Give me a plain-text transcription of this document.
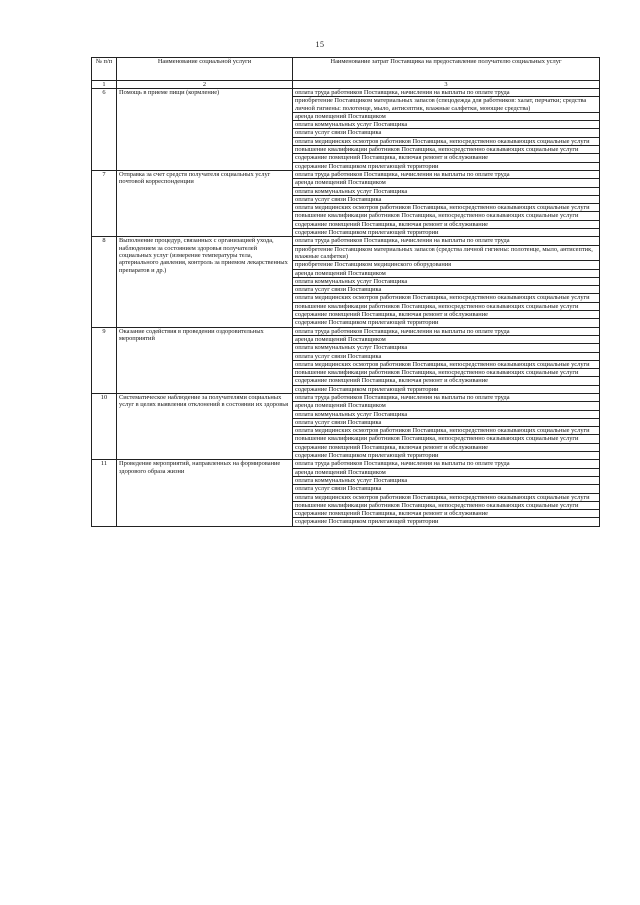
15
№ п/п	Наименование социальной услуги	Наименование затрат Поставщика на предоставление получателю социальных услуг
1	2	3
6	Помощь в приеме пищи (кормление)	оплата труда работников Поставщика, начисления на выплаты по оплате труда
		приобретение Поставщиком материальных запасов (спецодежда для работников: халат, перчатки; средства личной гигиены: полотенце, мыло, антисептик, влажные салфетки, моющие средства)
		аренда помещений Поставщиком
		оплата коммунальных услуг Поставщика
		оплата услуг связи Поставщика
		оплата медицинских осмотров работников Поставщика, непосредственно оказывающих социальные услуги
		повышение квалификации работников Поставщика, непосредственно оказывающих социальные услуги
		содержание помещений Поставщика, включая ремонт и обслуживание
		содержание Поставщиком прилегающей территории
7	Отправка за счет средств получателя социальных услуг почтовой корреспонденции	оплата труда работников Поставщика, начисления на выплаты по оплате труда
		аренда помещений Поставщиком
		оплата коммунальных услуг Поставщика
		оплата услуг связи Поставщика
		оплата медицинских осмотров работников Поставщика, непосредственно оказывающих социальные услуги
		повышение квалификации работников Поставщика, непосредственно оказывающих социальные услуги
		содержание помещений Поставщика, включая ремонт и обслуживание
		содержание Поставщиком прилегающей территории
8	Выполнение процедур, связанных с организацией ухода, наблюдением за состоянием здоровья получателей социальных услуг (измерение температуры тела, артериального давления, контроль за приемом лекарственных препаратов и др.)	оплата труда работников Поставщика, начисления на выплаты по оплате труда
		приобретение Поставщиком материальных запасов (средства личной гигиены: полотенце, мыло, антисептик, влажные салфетки)
		приобретение Поставщиком медицинского оборудования
		аренда помещений Поставщиком
		оплата коммунальных услуг Поставщика
		оплата услуг связи Поставщика
		оплата медицинских осмотров работников Поставщика, непосредственно оказывающих социальные услуги
		повышение квалификации работников Поставщика, непосредственно оказывающих социальные услуги
		содержание помещений Поставщика, включая ремонт и обслуживание
		содержание Поставщиком прилегающей территории
9	Оказание содействия в проведении оздоровительных мероприятий	оплата труда работников Поставщика, начисления на выплаты по оплате труда
		аренда помещений Поставщиком
		оплата коммунальных услуг Поставщика
		оплата услуг связи Поставщика
		оплата медицинских осмотров работников Поставщика, непосредственно оказывающих социальные услуги
		повышение квалификации работников Поставщика, непосредственно оказывающих социальные услуги
		содержание помещений Поставщика, включая ремонт и обслуживание
		содержание Поставщиком прилегающей территории
10	Систематическое наблюдение за получателями социальных услуг в целях выявления отклонений в состоянии их здоровья	оплата труда работников Поставщика, начисления на выплаты по оплате труда
		аренда помещений Поставщиком
		оплата коммунальных услуг Поставщика
		оплата услуг связи Поставщика
		оплата медицинских осмотров работников Поставщика, непосредственно оказывающих социальные услуги
		повышение квалификации работников Поставщика, непосредственно оказывающих социальные услуги
		содержание помещений Поставщика, включая ремонт и обслуживание
		содержание Поставщиком прилегающей территории
11	Проведение мероприятий, направленных на формирование здорового образа жизни	оплата труда работников Поставщика, начисления на выплаты по оплате труда
		аренда помещений Поставщиком
		оплата коммунальных услуг Поставщика
		оплата услуг связи Поставщика
		оплата медицинских осмотров работников Поставщика, непосредственно оказывающих социальные услуги
		повышение квалификации работников Поставщика, непосредственно оказывающих социальные услуги
		содержание помещений Поставщика, включая ремонт и обслуживание
		содержание Поставщиком прилегающей территории
